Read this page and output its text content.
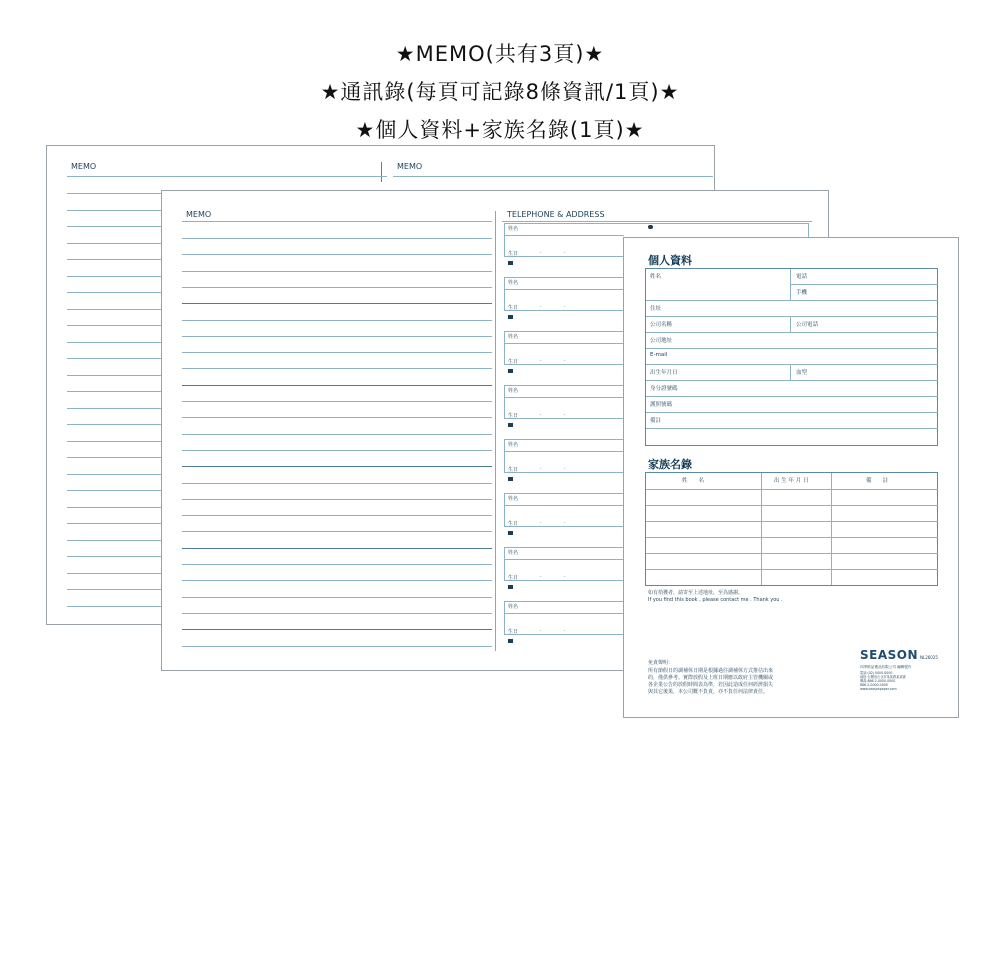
★MEMO(共有3頁)★
★通訊錄(每頁可記錄8條資訊/1頁)★
★個人資料+家族名錄(1頁)★
MEMO	MEMO
MEMO	TELEPHONE & ADDRESS
姓名
生日	.	.
姓名
生日	.	.
姓名
生日	.	.
姓名
生日	.	.
姓名
生日	.	.
姓名
生日	.	.
姓名
生日	.	.
姓名
生日	.	.
個人資料
姓名	電話
手機
住址
公司名稱	公司電話
公司地址
E-mail
出生年月日	血型
身分證號碼
護照號碼
備註
家族名錄
姓　　名	出 生 年 月 日	備　　註
如有拾獲者，請寄至上述地址，至為感謝。
If you find this book , please contact me . Thank you .
免責聲明：
所有節假日的調補休日期是根據過往調補休方式推估出來
的，僅供參考。實際放假及上班日期應以政府主管機關或
各企業公告的放假時間表為準，若因此造成任何經濟損失
與其它後果，本公司概不負責，亦不負任何法律責任。
SEASON NL26025
四季紙品禮品有限公司 編輯製作
電話:(02) 0000-0000
地址:台灣省台北市某某路某某號
傳真:886-2-0000-0000
886-2-0000-0000
www.seasonpaper.com
